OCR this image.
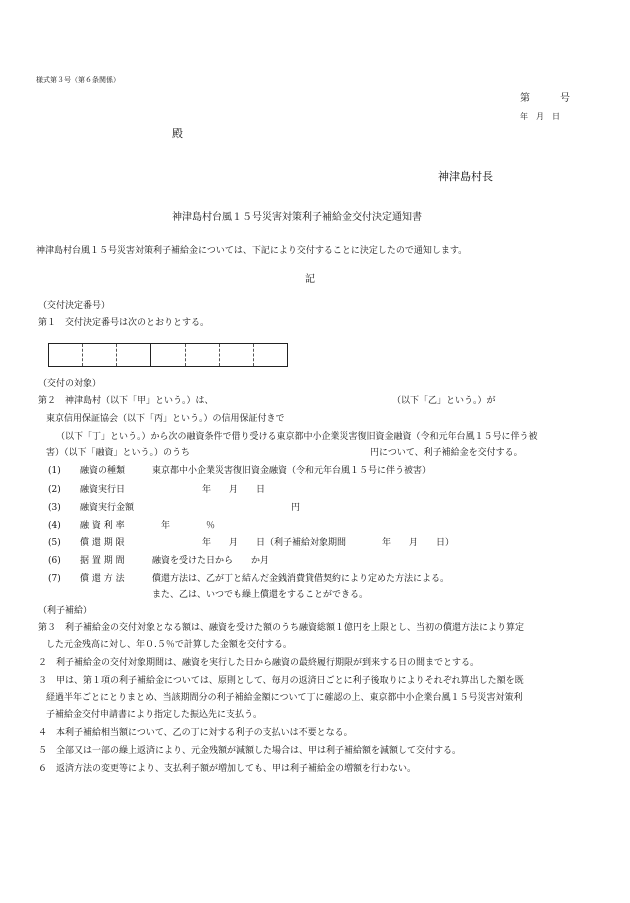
様式第３号（第６条関係）
第　　　号
年　月　日
殿
神津島村長
神津島村台風１５号災害対策利子補給金交付決定通知書
神津島村台風１５号災害対策利子補給金については、下記により交付することに決定したので通知します。
記
（交付決定番号）
第１　交付決定番号は次のとおりとする。
（交付の対象）
第２　神津島村（以下「甲」という。）は、	（以下「乙」という。）が
東京信用保証協会（以下「丙」という。）の信用保証付きで
（以下「丁」という。）から次の融資条件で借り受ける東京都中小企業災害復旧資金融資（令和元年台風１５号に伴う被
害）（以下「融資」という。）のうち	円について、利子補給金を交付する。
(1) 融資の種類	東京都中小企業災害復旧資金融資（令和元年台風１５号に伴う被害）
(2) 融資実行日	年　　月　　日
(3) 融資実行金額	円
(4) 融 資 利 率	年　　　　％
(5) 償 還 期 限	年　　月　　日（利子補給対象期間　　　　年　　月　　日）
(6) 据 置 期 間	融資を受けた日から　　か月
(7) 償 還 方 法	償還方法は、乙が丁と結んだ金銭消費貸借契約により定めた方法による。
また、乙は、いつでも繰上償還をすることができる。
（利子補給）
第３　利子補給金の交付対象となる額は、融資を受けた額のうち融資総額１億円を上限とし、当初の償還方法により算定
した元金残高に対し、年０.５％で計算した金額を交付する。
２　利子補給金の交付対象期間は、融資を実行した日から融資の最終履行期限が到来する日の間までとする。
３　甲は、第１項の利子補給金については、原則として、毎月の返済日ごとに利子後取りによりそれぞれ算出した額を既
経過半年ごとにとりまとめ、当該期間分の利子補給金額について丁に確認の上、東京都中小企業台風１５号災害対策利
子補給金交付申請書により指定した振込先に支払う。
４　本利子補給相当額について、乙の丁に対する利子の支払いは不要となる。
５　全部又は一部の繰上返済により、元金残額が減額した場合は、甲は利子補給額を減額して交付する。
６　返済方法の変更等により、支払利子額が増加しても、甲は利子補給金の増額を行わない。
